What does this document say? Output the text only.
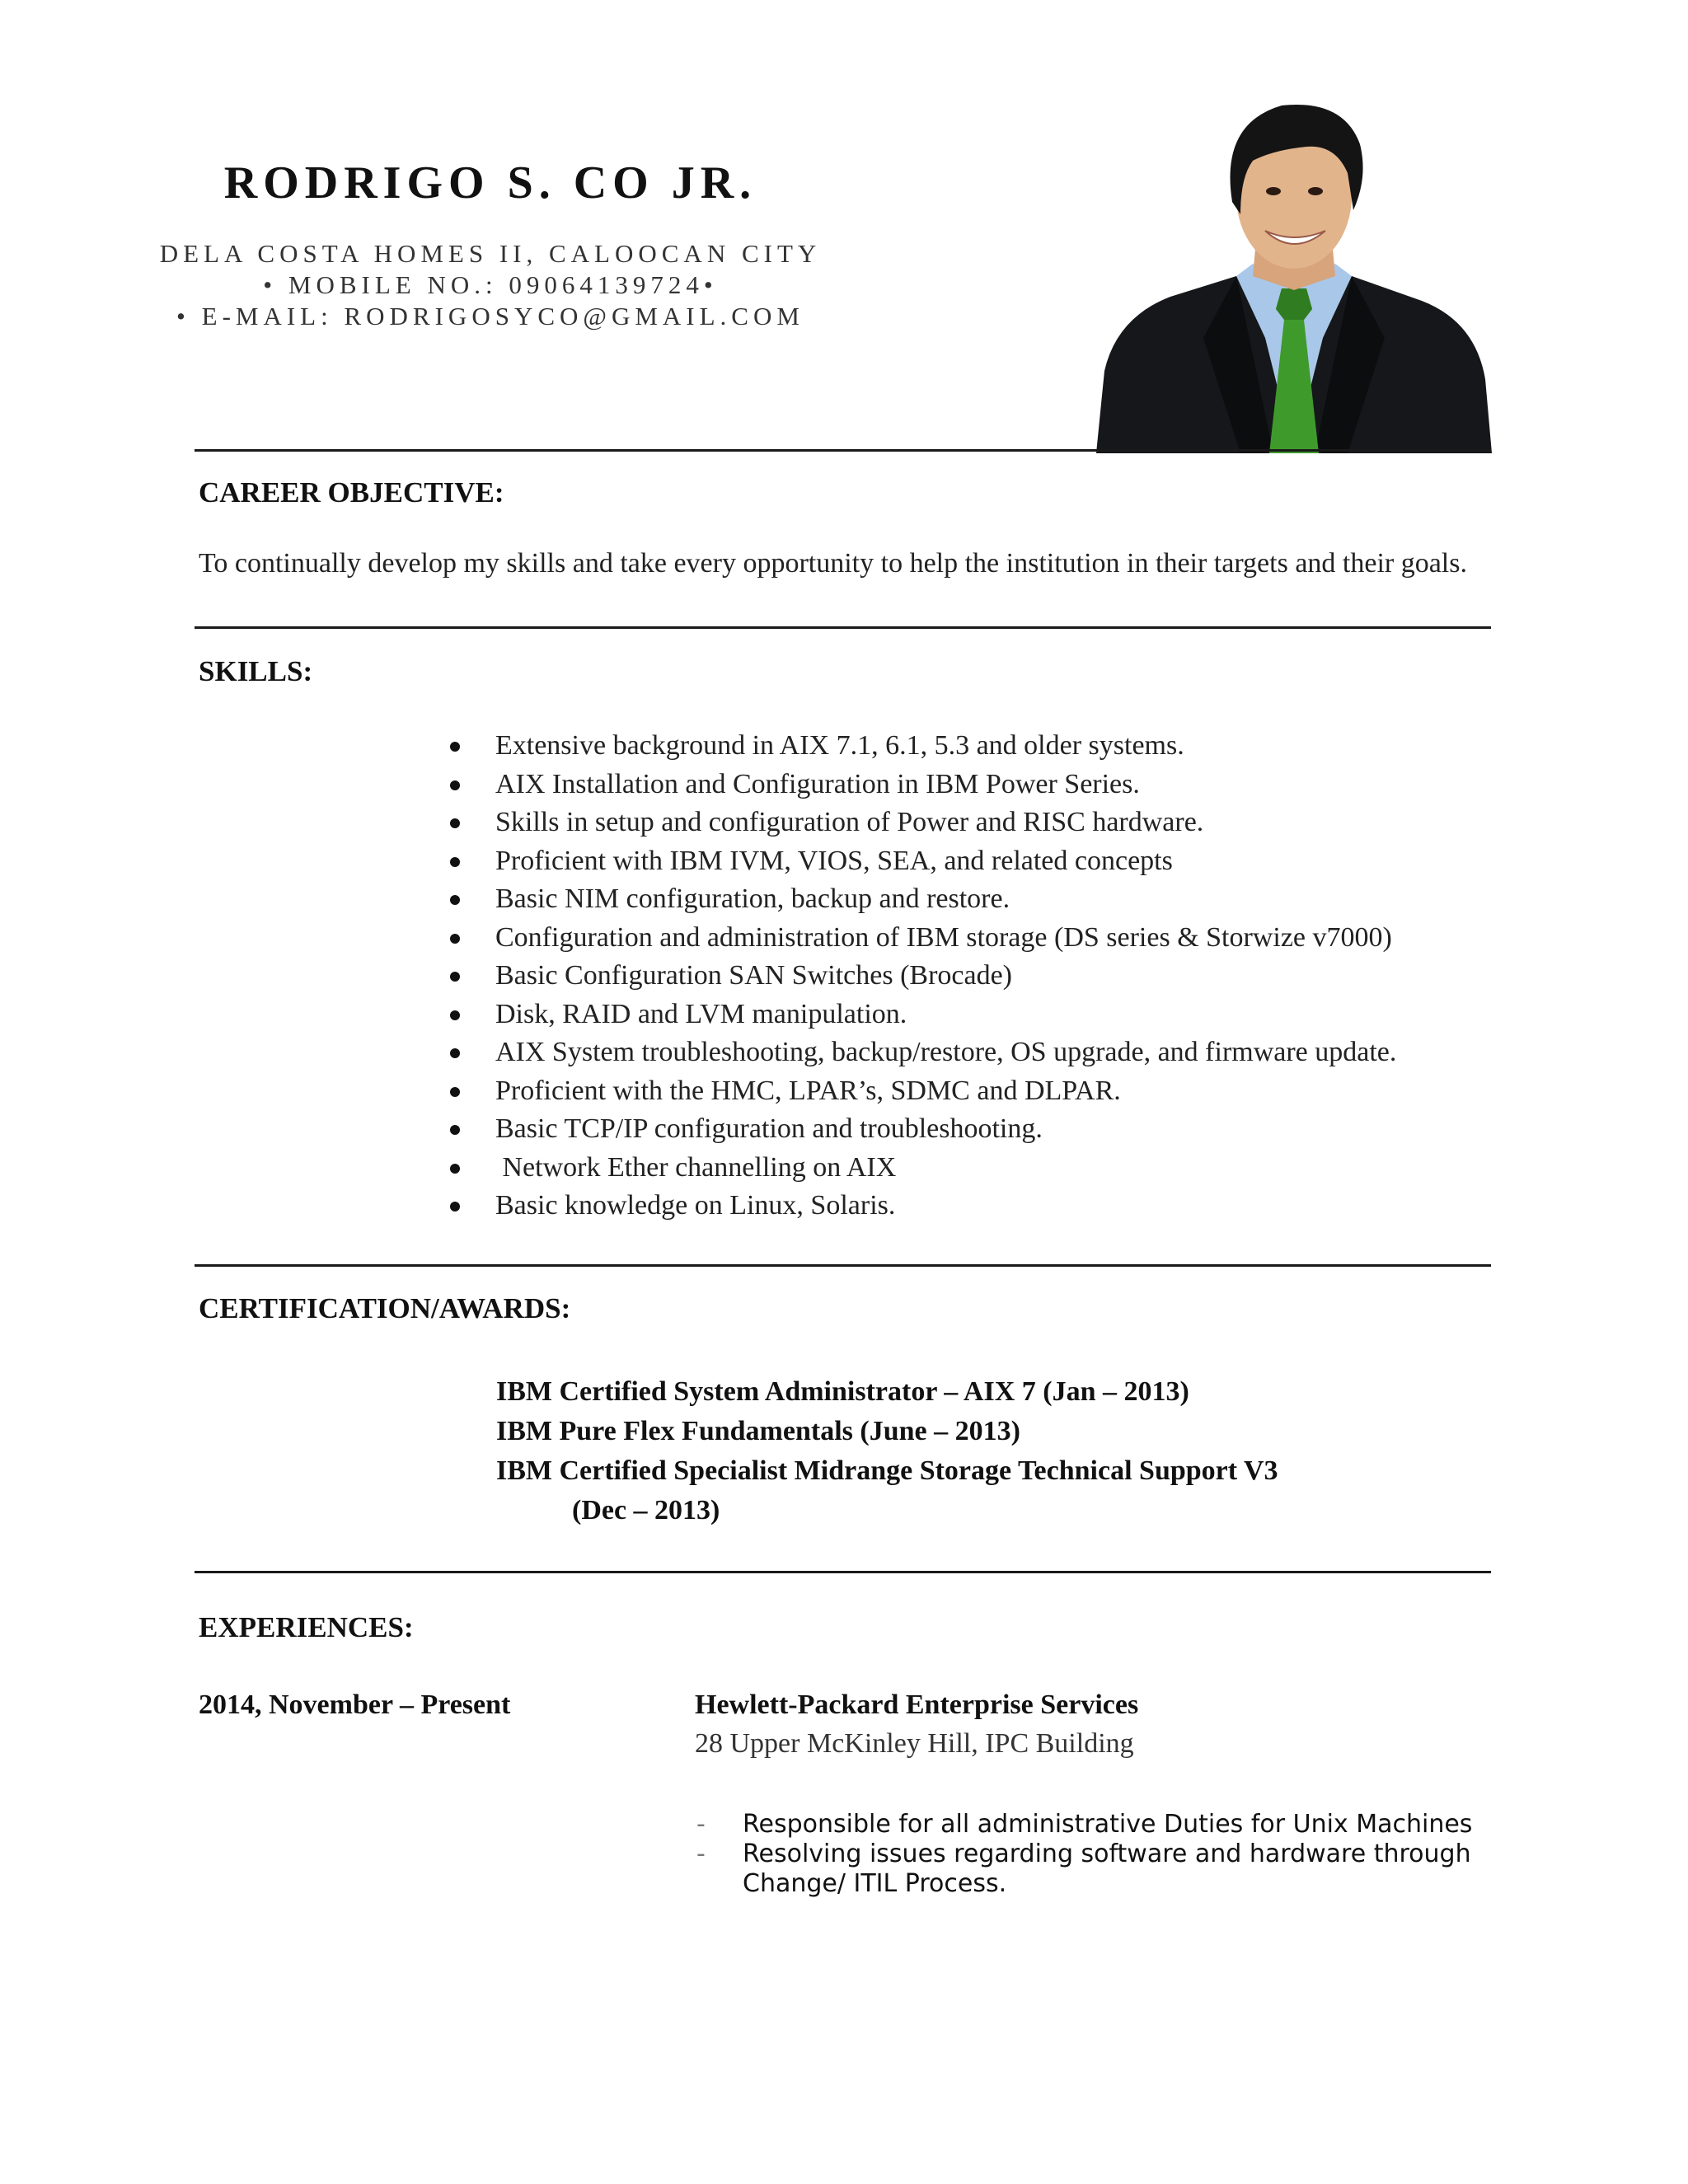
RODRIGO S. CO JR.
DELA COSTA HOMES II, CALOOCAN CITY
• MOBILE NO.: 09064139724•
• E-MAIL: RODRIGOSYCO@GMAIL.COM
CAREER OBJECTIVE:
To continually develop my skills and take every opportunity to help the institution in their targets and their goals.
SKILLS:
Extensive background in AIX 7.1, 6.1, 5.3 and older systems.
AIX Installation and Configuration in IBM Power Series.
Skills in setup and configuration of Power and RISC hardware.
Proficient with IBM IVM, VIOS, SEA, and related concepts
Basic NIM configuration, backup and restore.
Configuration and administration of IBM storage (DS series & Storwize v7000)
Basic Configuration SAN Switches (Brocade)
Disk, RAID and LVM manipulation.
AIX System troubleshooting, backup/restore, OS upgrade, and firmware update.
Proficient with the HMC, LPAR’s, SDMC and DLPAR.
Basic TCP/IP configuration and troubleshooting.
Network Ether channelling on AIX
Basic knowledge on Linux, Solaris.
CERTIFICATION/AWARDS:
IBM Certified System Administrator – AIX 7 (Jan – 2013)
IBM Pure Flex Fundamentals (June – 2013)
IBM Certified Specialist Midrange Storage Technical Support V3
(Dec – 2013)
EXPERIENCES:
2014, November – Present	Hewlett-Packard Enterprise Services
28 Upper McKinley Hill, IPC Building
- Responsible for all administrative Duties for Unix Machines
- Resolving issues regarding software and hardware through Change/ ITIL Process.
